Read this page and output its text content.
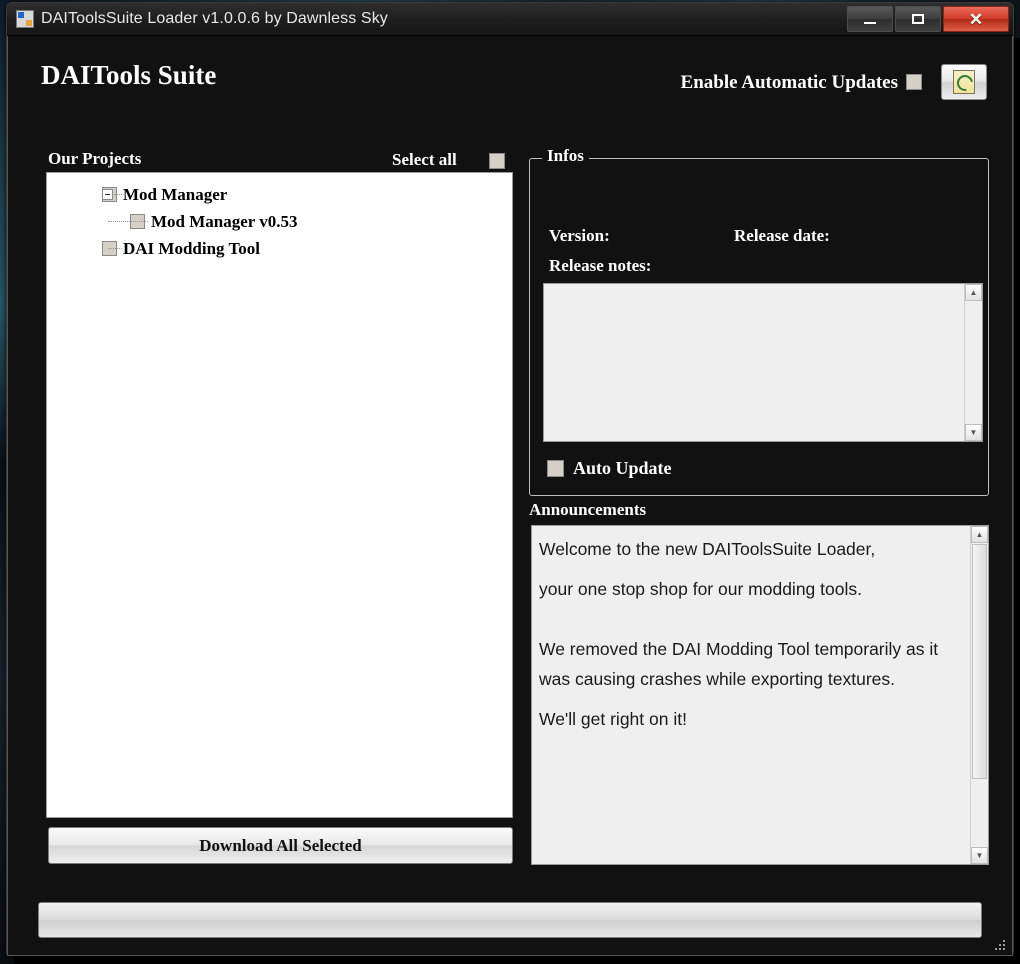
DAIToolsSuite Loader v1.0.0.6 by Dawnless Sky	✕
DAITools Suite	Enable Automatic Updates
Our Projects	Select all
Mod Manager
Mod Manager v0.53
DAI Modding Tool
Download All Selected
Infos
Version:	Release date:
Release notes:
▲
▼
Auto Update
Announcements

Welcome to the new DAIToolsSuite Loader,

your one stop shop for our modding tools.

We removed the DAI Modding Tool temporarily as it was causing crashes while exporting textures.

We'll get right on it!

▲
▼
